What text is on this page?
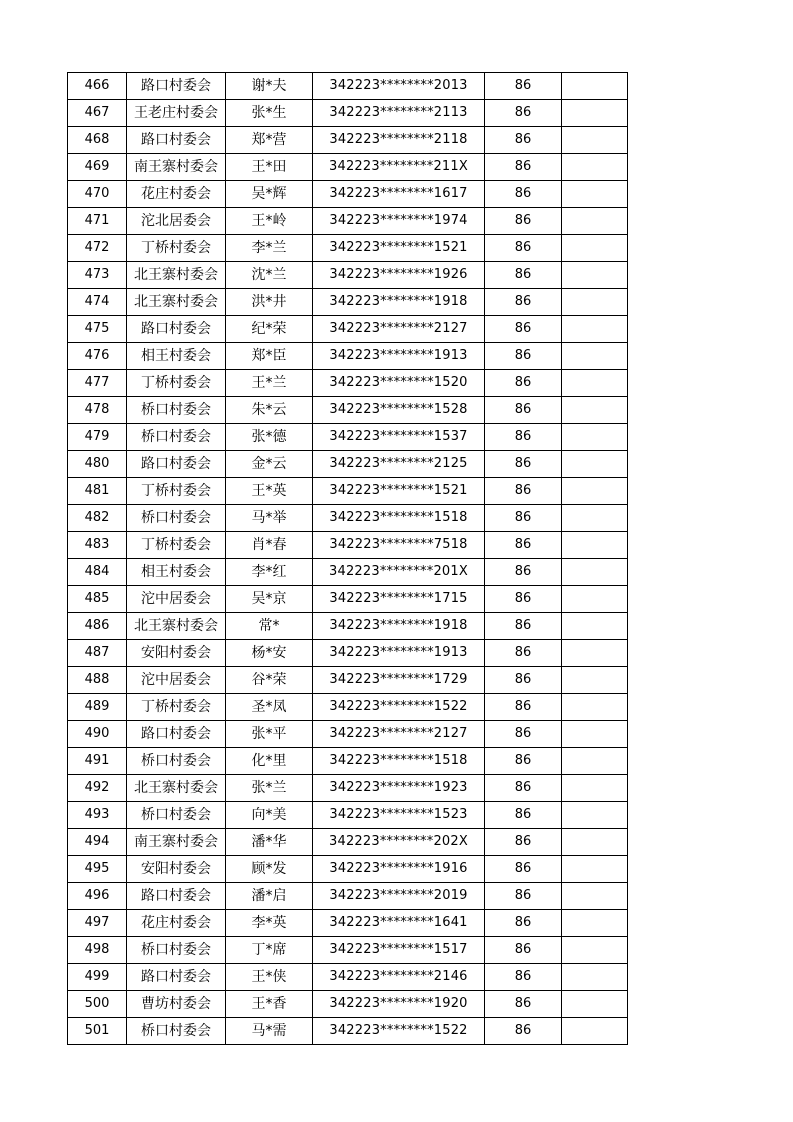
466	路口村委会	谢*夫	342223********2013	86	
467	王老庄村委会	张*生	342223********2113	86	
468	路口村委会	郑*营	342223********2118	86	
469	南王寨村委会	王*田	342223********211X	86	
470	花庄村委会	吴*辉	342223********1617	86	
471	沱北居委会	王*岭	342223********1974	86	
472	丁桥村委会	李*兰	342223********1521	86	
473	北王寨村委会	沈*兰	342223********1926	86	
474	北王寨村委会	洪*井	342223********1918	86	
475	路口村委会	纪*荣	342223********2127	86	
476	相王村委会	郑*臣	342223********1913	86	
477	丁桥村委会	王*兰	342223********1520	86	
478	桥口村委会	朱*云	342223********1528	86	
479	桥口村委会	张*德	342223********1537	86	
480	路口村委会	金*云	342223********2125	86	
481	丁桥村委会	王*英	342223********1521	86	
482	桥口村委会	马*举	342223********1518	86	
483	丁桥村委会	肖*春	342223********7518	86	
484	相王村委会	李*红	342223********201X	86	
485	沱中居委会	吴*京	342223********1715	86	
486	北王寨村委会	常*	342223********1918	86	
487	安阳村委会	杨*安	342223********1913	86	
488	沱中居委会	谷*荣	342223********1729	86	
489	丁桥村委会	圣*凤	342223********1522	86	
490	路口村委会	张*平	342223********2127	86	
491	桥口村委会	化*里	342223********1518	86	
492	北王寨村委会	张*兰	342223********1923	86	
493	桥口村委会	向*美	342223********1523	86	
494	南王寨村委会	潘*华	342223********202X	86	
495	安阳村委会	顾*发	342223********1916	86	
496	路口村委会	潘*启	342223********2019	86	
497	花庄村委会	李*英	342223********1641	86	
498	桥口村委会	丁*席	342223********1517	86	
499	路口村委会	王*侠	342223********2146	86	
500	曹坊村委会	王*香	342223********1920	86	
501	桥口村委会	马*需	342223********1522	86	
